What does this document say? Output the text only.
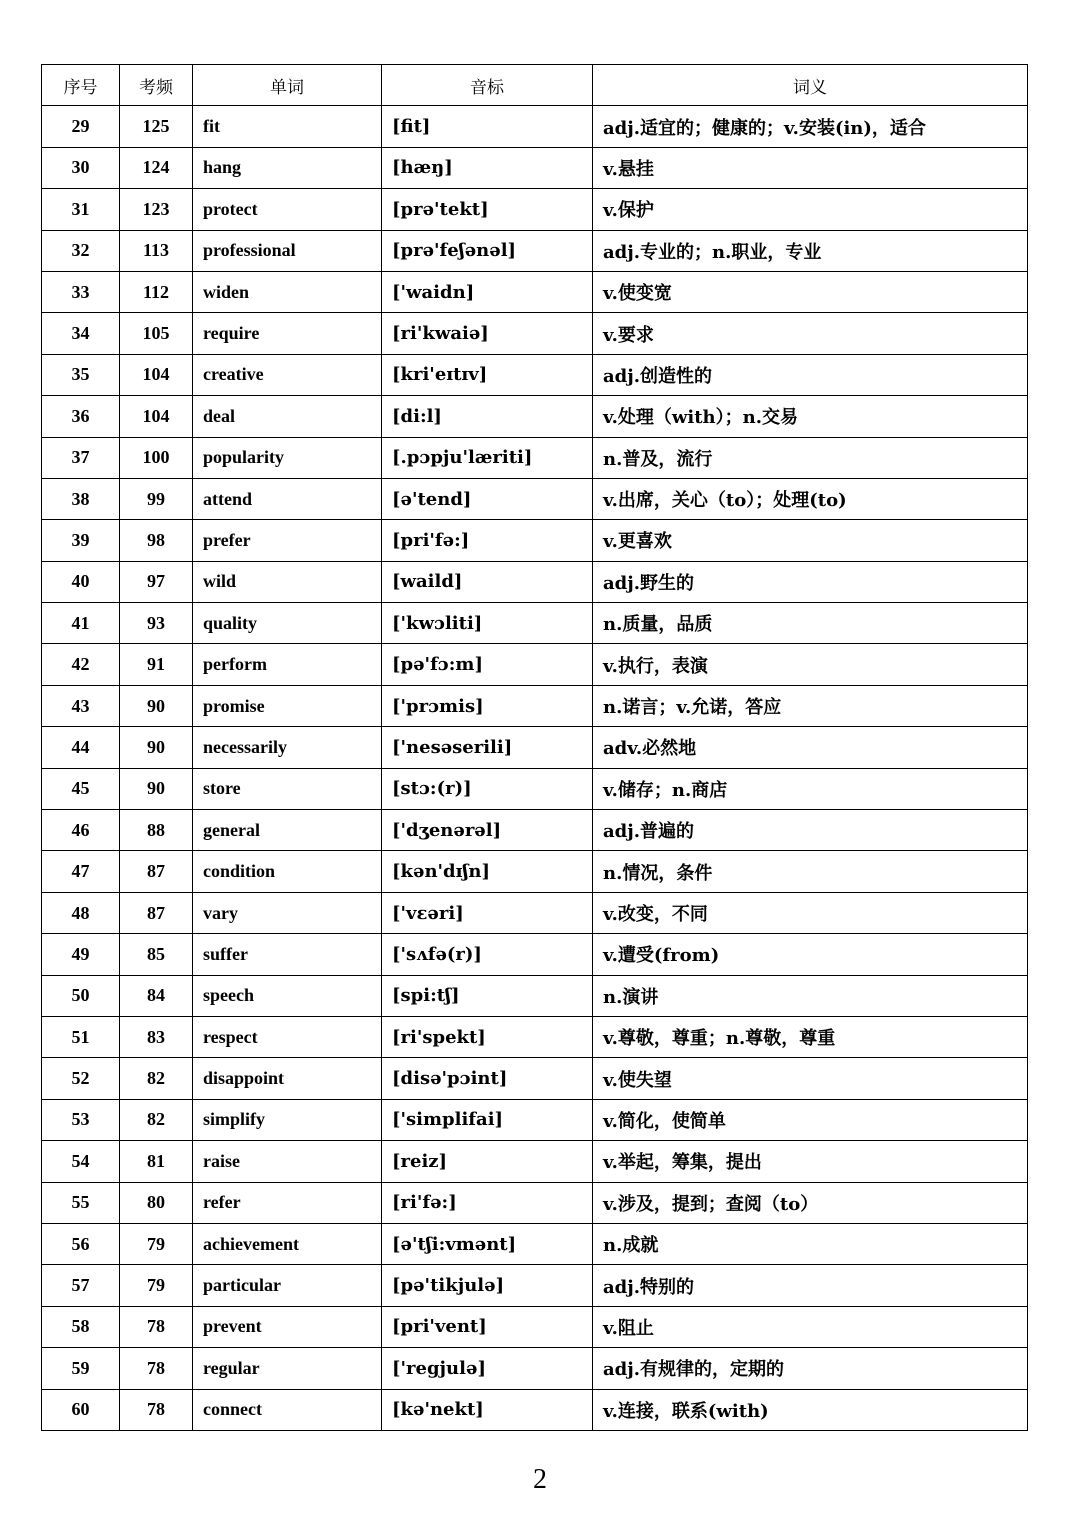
序号	考频	单词	音标	词义
29	125	fit	[fit]	adj.适宜的；健康的；v.安装(in)，适合
30	124	hang	[hæŋ]	v.悬挂
31	123	protect	[prə'tekt]	v.保护
32	113	professional	[prə'feʃənəl]	adj.专业的；n.职业，专业
33	112	widen	['waidn]	v.使变宽
34	105	require	[ri'kwaiə]	v.要求
35	104	creative	[kri'eɪtɪv]	adj.创造性的
36	104	deal	[di:l]	v.处理（with）；n.交易
37	100	popularity	[.pɔpju'læriti]	n.普及，流行
38	99	attend	[ə'tend]	v.出席，关心（to）；处理(to)
39	98	prefer	[pri'fə:]	v.更喜欢
40	97	wild	[waild]	adj.野生的
41	93	quality	['kwɔliti]	n.质量，品质
42	91	perform	[pə'fɔ:m]	v.执行，表演
43	90	promise	['prɔmis]	n.诺言；v.允诺，答应
44	90	necessarily	['nesəserili]	adv.必然地
45	90	store	[stɔ:(r)]	v.储存；n.商店
46	88	general	['dʒenərəl]	adj.普遍的
47	87	condition	[kən'dɪʃn]	n.情况，条件
48	87	vary	['vɛəri]	v.改变，不同
49	85	suffer	['sʌfə(r)]	v.遭受(from)
50	84	speech	[spi:tʃ]	n.演讲
51	83	respect	[ri'spekt]	v.尊敬，尊重；n.尊敬，尊重
52	82	disappoint	[disə'pɔint]	v.使失望
53	82	simplify	['simplifai]	v.简化，使简单
54	81	raise	[reiz]	v.举起，筹集，提出
55	80	refer	[ri'fə:]	v.涉及，提到；查阅（to）
56	79	achievement	[ə'tʃi:vmənt]	n.成就
57	79	particular	[pə'tikjulə]	adj.特别的
58	78	prevent	[pri'vent]	v.阻止
59	78	regular	['regjulə]	adj.有规律的，定期的
60	78	connect	[kə'nekt]	v.连接，联系(with)
2
